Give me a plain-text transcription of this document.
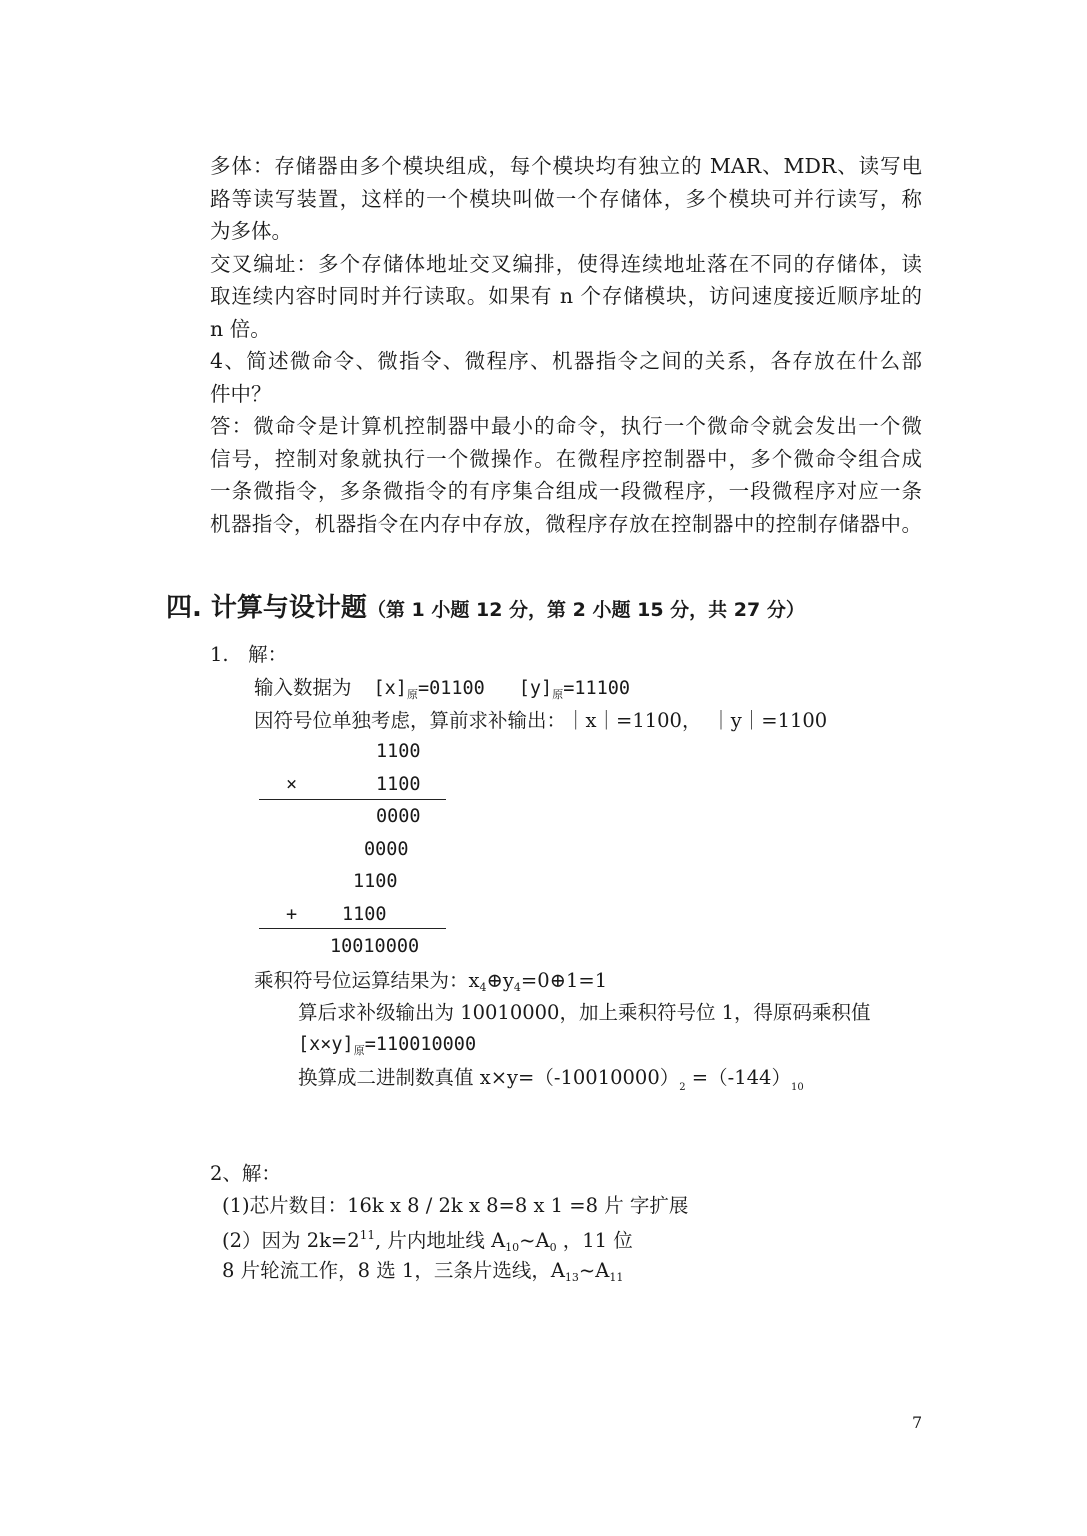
多体：存储器由多个模块组成，每个模块均有独立的 MAR、MDR、读写电
路等读写装置，这样的一个模块叫做一个存储体，多个模块可并行读写，称
为多体。
交叉编址：多个存储体地址交叉编排，使得连续地址落在不同的存储体，读
取连续内容时同时并行读取。如果有 n 个存储模块，访问速度接近顺序址的
n 倍。
4、简述微命令、微指令、微程序、机器指令之间的关系，各存放在什么部
件中？
答：微命令是计算机控制器中最小的命令，执行一个微命令就会发出一个微
信号，控制对象就执行一个微操作。在微程序控制器中，多个微命令组合成
一条微指令，多条微指令的有序集合组成一段微程序，一段微程序对应一条
机器指令，机器指令在内存中存放，微程序存放在控制器中的控制存储器中。
四. 计算与设计题（第 1 小题 12 分，第 2 小题 15 分，共 27 分）
1.　解：
输入数据为 $[x]_原=01100$ $[y]_原=11100$
因符号位单独考虑，算前求补输出：｜x｜=1100，　｜y｜=1100
1100
×	1100
0000
0000
1100
+ 1100
10010000
乘积符号位运算结果为：$x_4\oplus y_4=0\oplus 1=1$
算后求补级输出为 10010000，加上乘积符号位 1，得原码乘积值
$[x\times y]_原=110010000$
换算成二进制数真值 $x\times y=(-10010000)_2 =(-144)_{10}$
2、解：
(1)芯片数目：16k x 8 / 2k x 8=8 x 1 =8 片 字扩展
(2）因为 $2k=2^{11}$, 片内地址线 $A_{10}\sim A_0$ ，11 位
8 片轮流工作，8 选 1，三条片选线，$A_{13}\sim A_{11}$
7
